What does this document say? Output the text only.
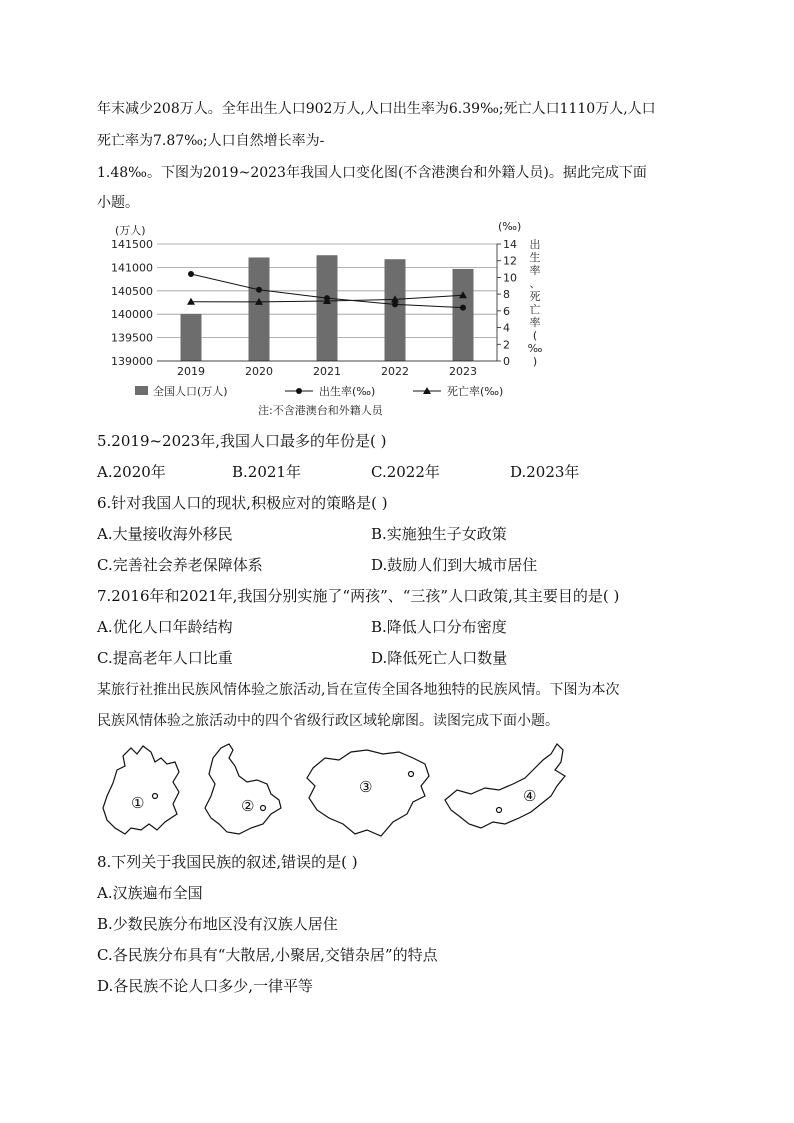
年末减少208万人。全年出生人口902万人,人口出生率为6.39‰;死亡人口1110万人,人口
死亡率为7.87‰;人口自然增长率为-
1.48‰。下图为2019~2023年我国人口变化图(不含港澳台和外籍人员)。据此完成下面
小题。
141500
141000
140500
140000
139500
139000
14
12
10
8
6
4
2
0
2019	2020	2021	2022	2023
(万人)	(‰)
出
生
率
、
死
亡
率
(
‰
)
全国人口(万人)	出生率(‰)	死亡率(‰)
注:不含港澳台和外籍人员
5.2019~2023年,我国人口最多的年份是( )
A.2020年	B.2021年	C.2022年	D.2023年
6.针对我国人口的现状,积极应对的策略是( )
A.大量接收海外移民	B.实施独生子女政策
C.完善社会养老保障体系	D.鼓励人们到大城市居住
7.2016年和2021年,我国分别实施了“两孩”、“三孩”人口政策,其主要目的是( )
A.优化人口年龄结构	B.降低人口分布密度
C.提高老年人口比重	D.降低死亡人口数量
某旅行社推出民族风情体验之旅活动,旨在宣传全国各地独特的民族风情。下图为本次
民族风情体验之旅活动中的四个省级行政区域轮廓图。读图完成下面小题。
①	②
③	④
8.下列关于我国民族的叙述,错误的是( )
A.汉族遍布全国
B.少数民族分布地区没有汉族人居住
C.各民族分布具有“大散居,小聚居,交错杂居”的特点
D.各民族不论人口多少,一律平等
